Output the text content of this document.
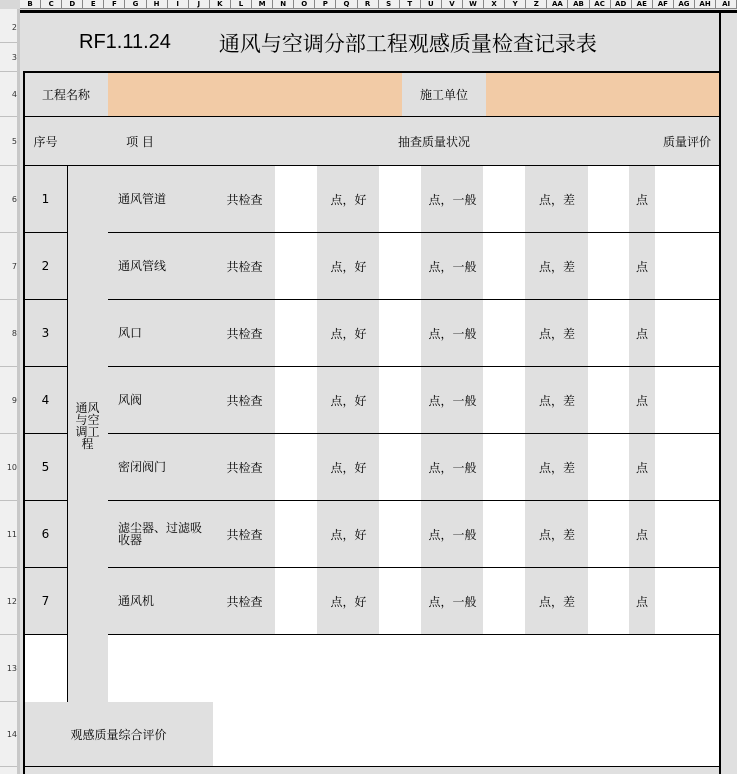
B	C	D	E	F	G	H	I	J	K	L	M	N	O	P	Q	R	S	T	U	V	W	X	Y	Z	AA	AB	AC	AD	AE	AF	AG	AH	AI
2
3
4
5
6
7
8
9
10
11
12
13
14
RF1.11.24 通风与空调分部工程观感质量检查记录表
工程名称	施工单位
序号	项 目	抽查质量状况	质量评价
通风与空调工程
1	通风管道	共检查	点，好	点，一般	点，差	点
2	通风管线	共检查	点，好	点，一般	点，差	点
3	风口	共检查	点，好	点，一般	点，差	点
4	风阀	共检查	点，好	点，一般	点，差	点
5	密闭阀门	共检查	点，好	点，一般	点，差	点
6	滤尘器、过滤吸收器	共检查	点，好	点，一般	点，差	点
7	通风机	共检查	点，好	点，一般	点，差	点
观感质量综合评价
